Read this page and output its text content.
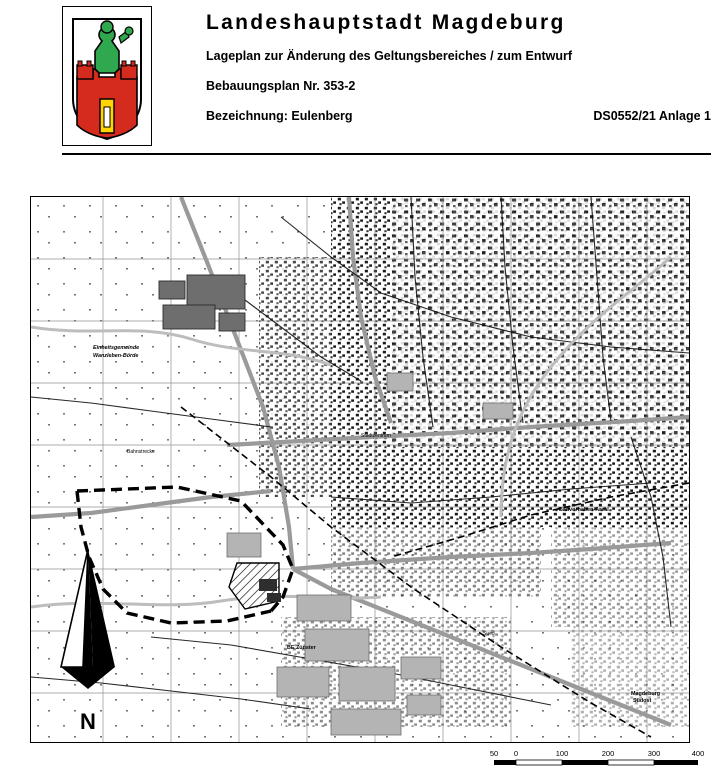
Landeshauptstadt Magdeburg
Lageplan zur Änderung des Geltungsbereiches / zum Entwurf
Bebauungsplan Nr. 353-2
Bezeichnung: Eulenberg	DS0552/21 Anlage 1
Einheitsgemeinde
Wanzleben-Börde
Bauvorhaben-Areal
BE Zünster
Magdeburg
Südost
Stadtzentrum
Bahnstrecke
Sued
N
50 0	100	200	300	400
